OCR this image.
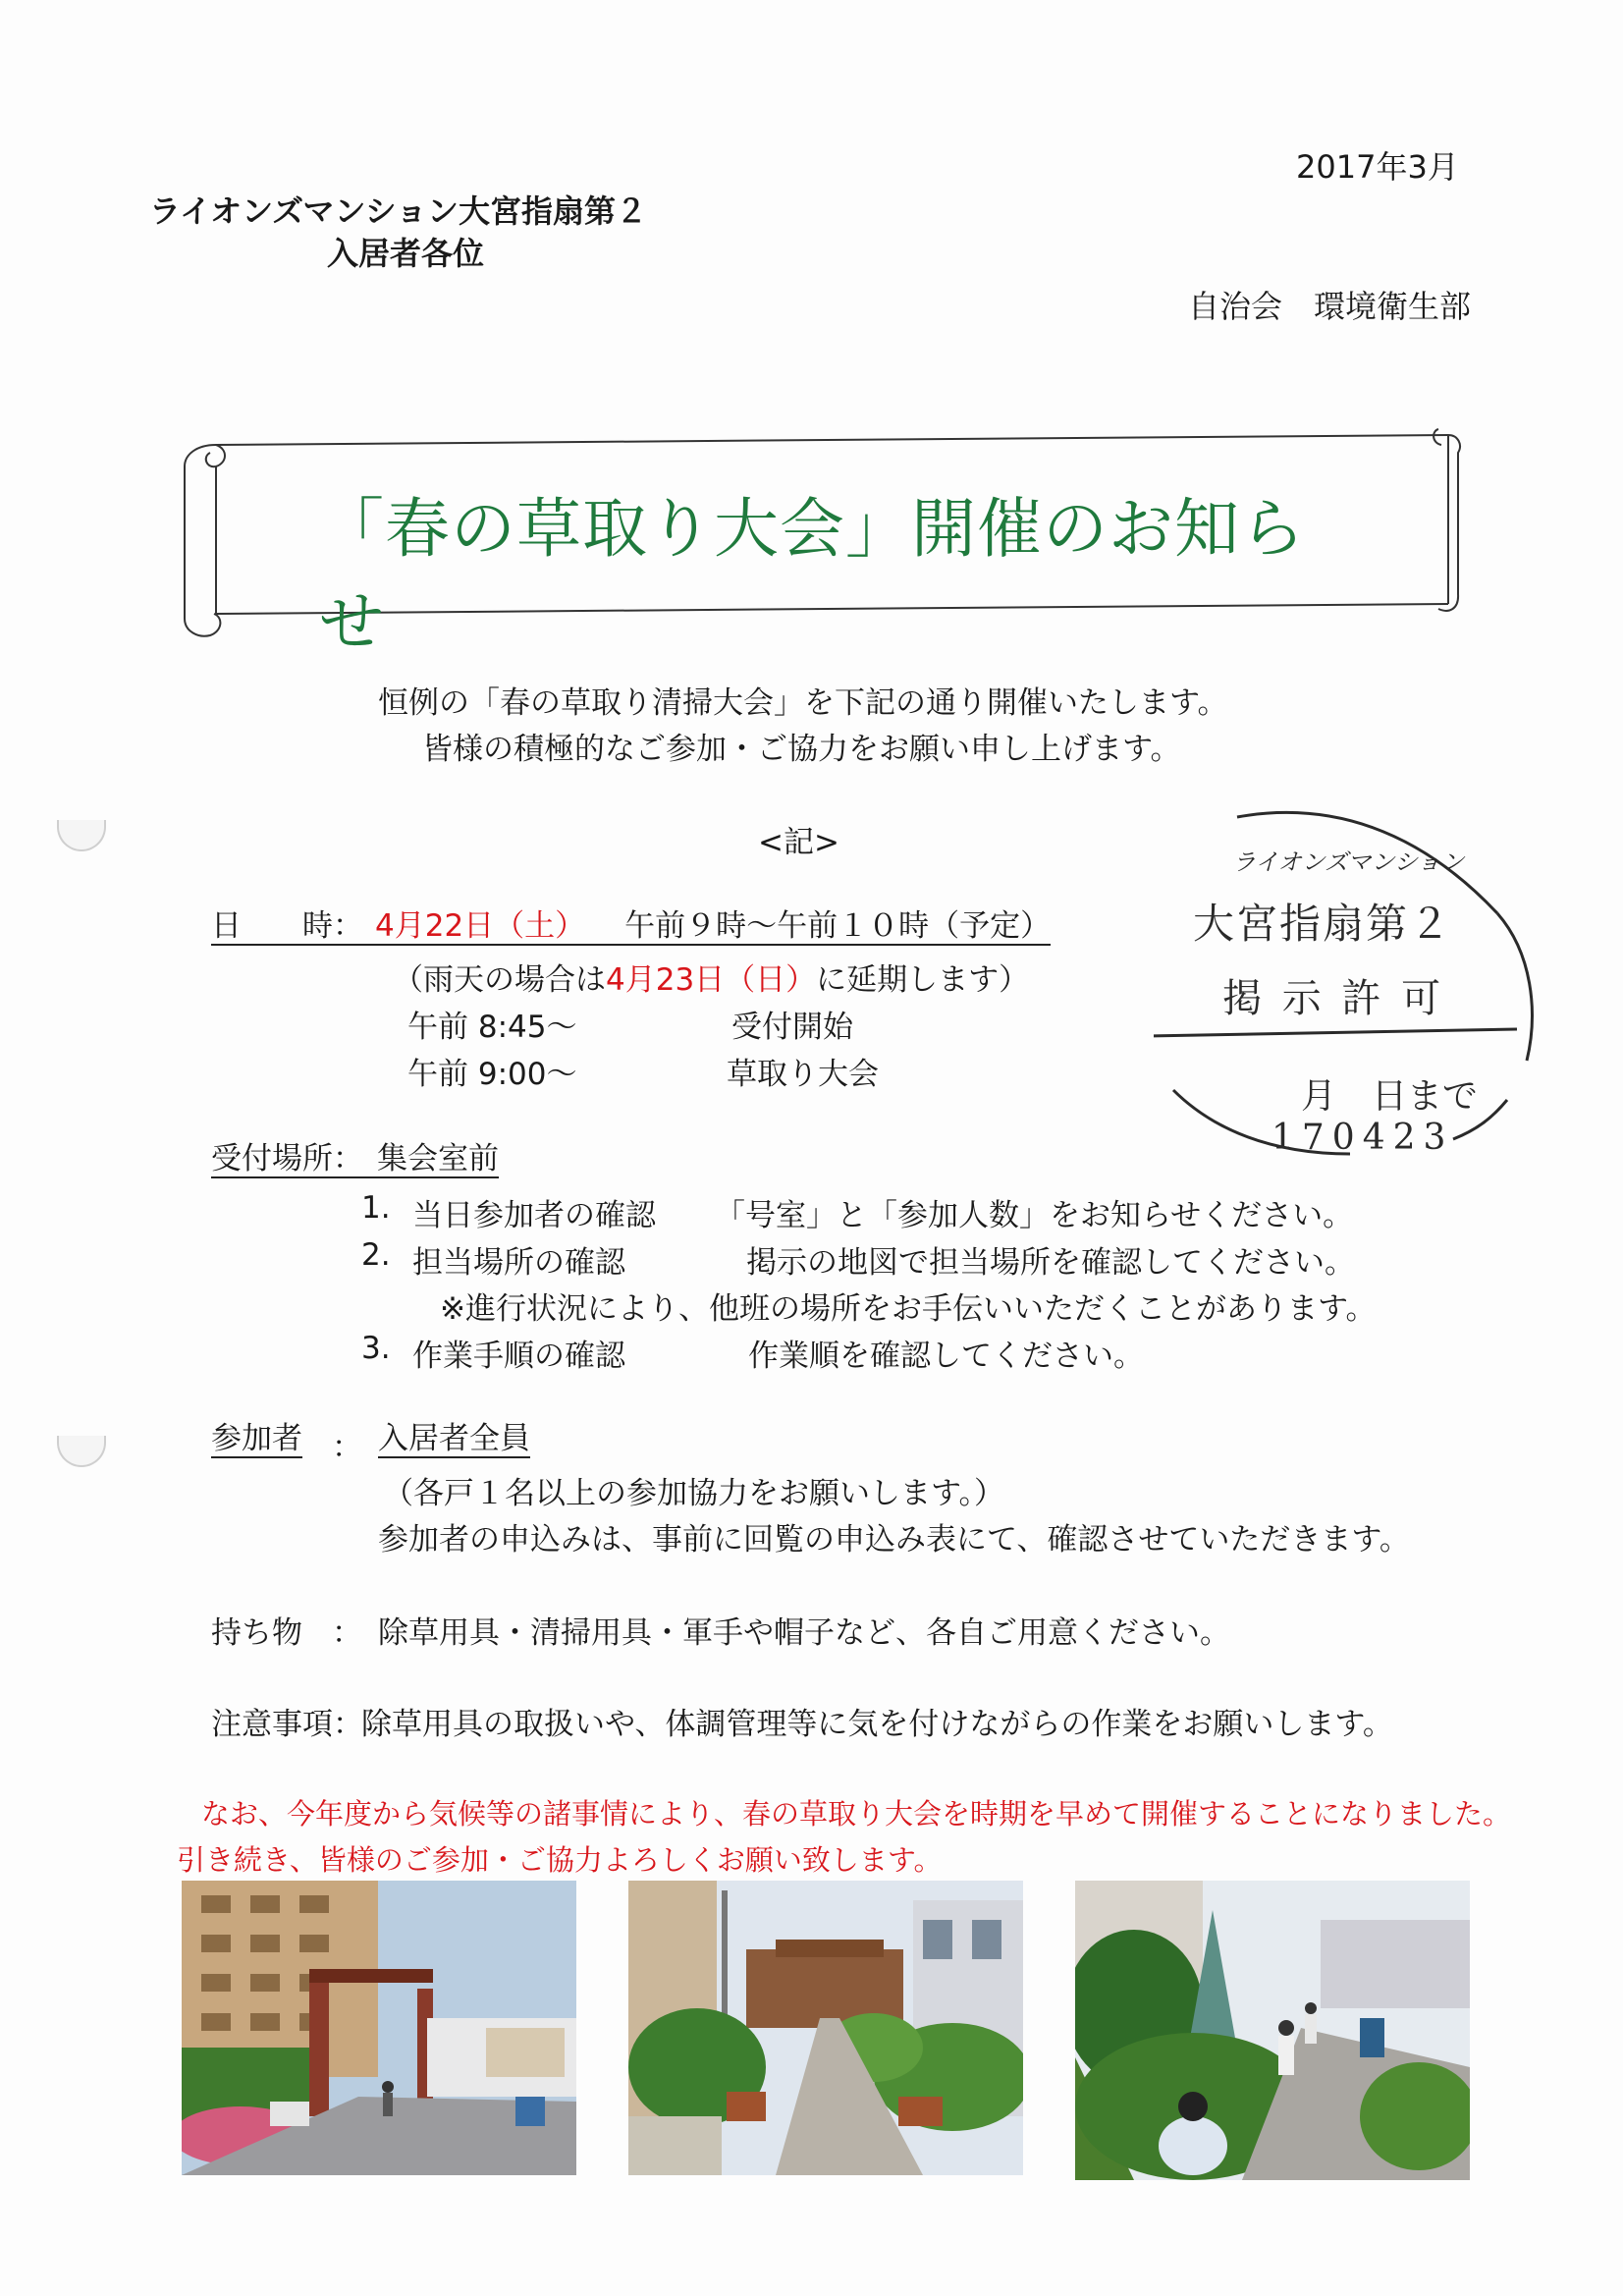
2017年3月
ライオンズマンション大宮指扇第２
入居者各位
自治会　環境衛生部
「春の草取り大会」開催のお知らせ
恒例の「春の草取り清掃大会」を下記の通り開催いたします。
皆様の積極的なご参加・ご協力をお願い申し上げます。
<記>
日　　時： 4月22日（土） 午前９時～午前１０時（予定）
（雨天の場合は4月23日（日）に延期します）
午前 8:45～	受付開始
午前 9:00～	草取り大会
受付場所： 集会室前
1. 当日参加者の確認 「号室」と「参加人数」をお知らせください。
2. 担当場所の確認	掲示の地図で担当場所を確認してください。
※進行状況により、他班の場所をお手伝いいただくことがあります。
3. 作業手順の確認	作業順を確認してください。
参加者 ： 入居者全員
（各戸１名以上の参加協力をお願いします。）
参加者の申込みは、事前に回覧の申込み表にて、確認させていただきます。
持ち物 ： 除草用具・清掃用具・軍手や帽子など、各自ご用意ください。
注意事項：
除草用具の取扱いや、体調管理等に気を付けながらの作業をお願いします。
なお、今年度から気候等の諸事情により、春の草取り大会を時期を早めて開催することになりました。
引き続き、皆様のご参加・ご協力よろしくお願い致します。
ライオンズマンション
大宮指扇第２
掲 示 許 可
月　日まで
170423
